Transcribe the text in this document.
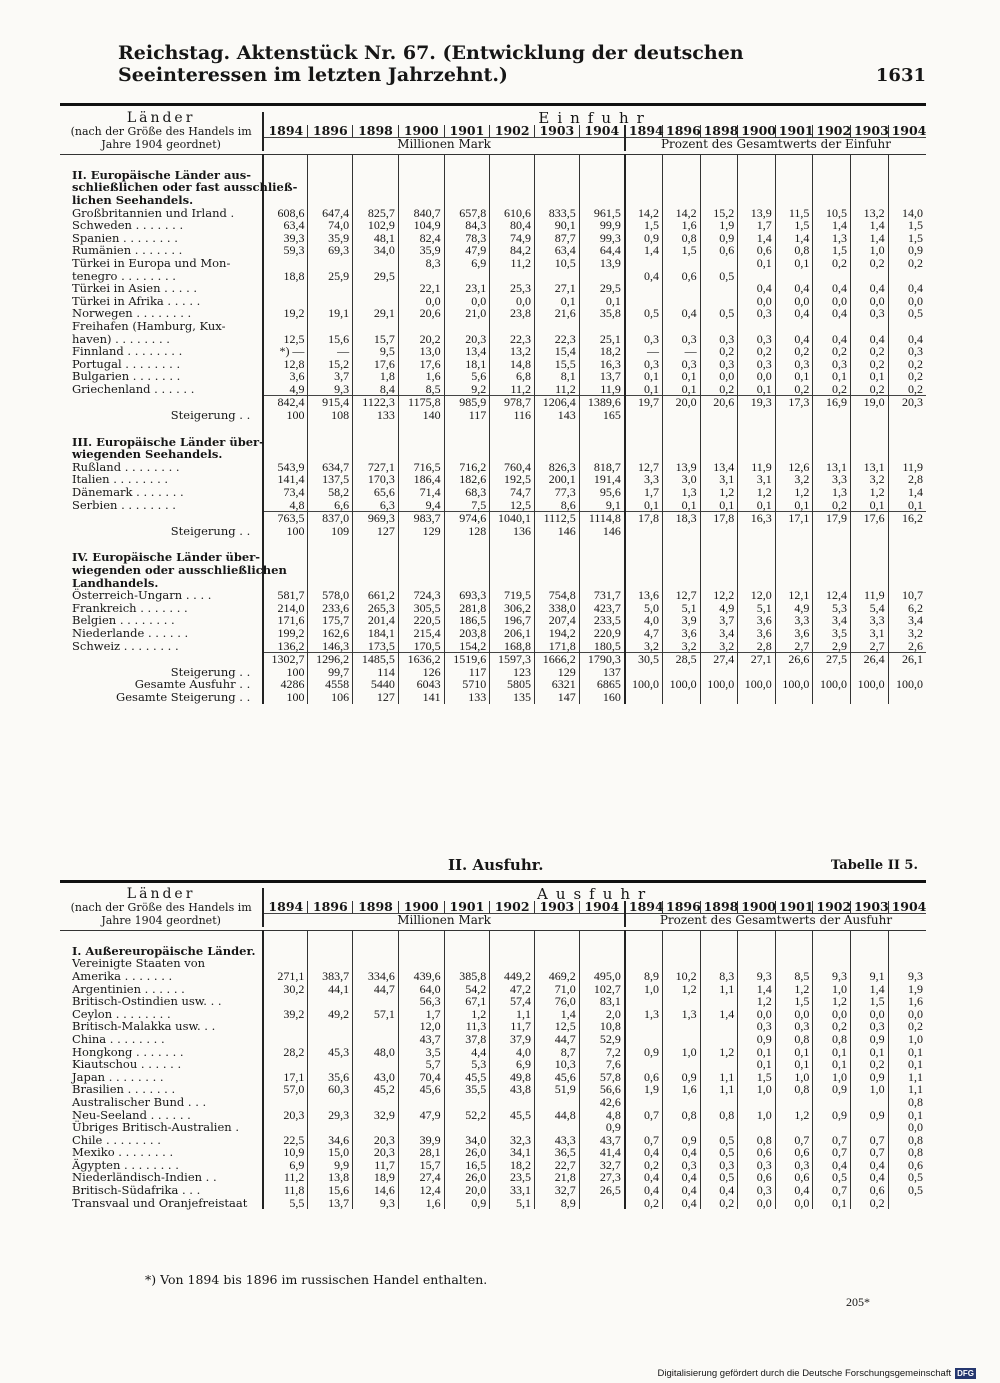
Reichstag. Aktenstück Nr. 67. (Entwicklung der deutschen Seeinteressen im letzten Jahrzehnt.)	1631
Länder	Einfuhr															
(nach der Größe des Handels im Jahre 1904 geordnet)	1894	1896	1898	1900	1901	1902	1903	1904	1894	1896	1898	1900	1901	1902	1903	1904
	Millionen Mark								Prozent des Gesamtwerts der Einfuhr							

II. Europäische Länder aus-																
schließlichen oder fast ausschließ-																
lichen Seehandels.																
Großbritannien und Irland .	608,6	647,4	825,7	840,7	657,8	610,6	833,5	961,5	14,2	14,2	15,2	13,9	11,5	10,5	13,2	14,0
Schweden . . . . . . .	63,4	74,0	102,9	104,9	84,3	80,4	90,1	99,9	1,5	1,6	1,9	1,7	1,5	1,4	1,4	1,5
Spanien . . . . . . . .	39,3	35,9	48,1	82,4	78,3	74,9	87,7	99,3	0,9	0,8	0,9	1,4	1,4	1,3	1,4	1,5
Rumänien . . . . . . .	59,3	69,3	34,0	35,9	47,9	84,2	63,4	64,4	1,4	1,5	0,6	0,6	0,8	1,5	1,0	0,9
Türkei in Europa und Mon-				8,3	6,9	11,2	10,5	13,9				0,1	0,1	0,2	0,2	0,2
tenegro . . . . . . . .	18,8	25,9	29,5						0,4	0,6	0,5					
Türkei in Asien . . . . .				22,1	23,1	25,3	27,1	29,5				0,4	0,4	0,4	0,4	0,4
Türkei in Afrika . . . . .				0,0	0,0	0,0	0,1	0,1				0,0	0,0	0,0	0,0	0,0
Norwegen . . . . . . . .	19,2	19,1	29,1	20,6	21,0	23,8	21,6	35,8	0,5	0,4	0,5	0,3	0,4	0,4	0,3	0,5
Freihafen (Hamburg, Kux-																
haven) . . . . . . . .	12,5	15,6	15,7	20,2	20,3	22,3	22,3	25,1	0,3	0,3	0,3	0,3	0,4	0,4	0,4	0,4
Finnland . . . . . . . .	*) —	—	9,5	13,0	13,4	13,2	15,4	18,2	—	—	0,2	0,2	0,2	0,2	0,2	0,3
Portugal . . . . . . . .	12,8	15,2	17,6	17,6	18,1	14,8	15,5	16,3	0,3	0,3	0,3	0,3	0,3	0,3	0,2	0,2
Bulgarien . . . . . . .	3,6	3,7	1,8	1,6	5,6	6,8	8,1	13,7	0,1	0,1	0,0	0,0	0,1	0,1	0,1	0,2
Griechenland . . . . . .	4,9	9,3	8,4	8,5	9,2	11,2	11,2	11,9	0,1	0,1	0,2	0,1	0,2	0,2	0,2	0,2
	842,4	915,4	1122,3	1175,8	985,9	978,7	1206,4	1389,6	19,7	20,0	20,6	19,3	17,3	16,9	19,0	20,3
Steigerung . .	100	108	133	140	117	116	143	165								

III. Europäische Länder über-																
wiegenden Seehandels.																
Rußland . . . . . . . .	543,9	634,7	727,1	716,5	716,2	760,4	826,3	818,7	12,7	13,9	13,4	11,9	12,6	13,1	13,1	11,9
Italien . . . . . . . .	141,4	137,5	170,3	186,4	182,6	192,5	200,1	191,4	3,3	3,0	3,1	3,1	3,2	3,3	3,2	2,8
Dänemark . . . . . . .	73,4	58,2	65,6	71,4	68,3	74,7	77,3	95,6	1,7	1,3	1,2	1,2	1,2	1,3	1,2	1,4
Serbien . . . . . . . .	4,8	6,6	6,3	9,4	7,5	12,5	8,6	9,1	0,1	0,1	0,1	0,1	0,1	0,2	0,1	0,1
	763,5	837,0	969,3	983,7	974,6	1040,1	1112,5	1114,8	17,8	18,3	17,8	16,3	17,1	17,9	17,6	16,2
Steigerung . .	100	109	127	129	128	136	146	146								

IV. Europäische Länder über-																
wiegenden oder ausschließlichen																
Landhandels.																
Österreich-Ungarn . . . .	581,7	578,0	661,2	724,3	693,3	719,5	754,8	731,7	13,6	12,7	12,2	12,0	12,1	12,4	11,9	10,7
Frankreich . . . . . . .	214,0	233,6	265,3	305,5	281,8	306,2	338,0	423,7	5,0	5,1	4,9	5,1	4,9	5,3	5,4	6,2
Belgien . . . . . . . .	171,6	175,7	201,4	220,5	186,5	196,7	207,4	233,5	4,0	3,9	3,7	3,6	3,3	3,4	3,3	3,4
Niederlande . . . . . .	199,2	162,6	184,1	215,4	203,8	206,1	194,2	220,9	4,7	3,6	3,4	3,6	3,6	3,5	3,1	3,2
Schweiz . . . . . . . .	136,2	146,3	173,5	170,5	154,2	168,8	171,8	180,5	3,2	3,2	3,2	2,8	2,7	2,9	2,7	2,6
	1302,7	1296,2	1485,5	1636,2	1519,6	1597,3	1666,2	1790,3	30,5	28,5	27,4	27,1	26,6	27,5	26,4	26,1
Steigerung . .	100	99,7	114	126	117	123	129	137								
Gesamte Ausfuhr . .	4286	4558	5440	6043	5710	5805	6321	6865	100,0	100,0	100,0	100,0	100,0	100,0	100,0	100,0
Gesamte Steigerung . .	100	106	127	141	133	135	147	160								
II. Ausfuhr.	Tabelle II 5.
Länder	Ausfuhr															
(nach der Größe des Handels im Jahre 1904 geordnet)	1894	1896	1898	1900	1901	1902	1903	1904	1894	1896	1898	1900	1901	1902	1903	1904
	Millionen Mark								Prozent des Gesamtwerts der Ausfuhr							

I. Außereuropäische Länder.																
Vereinigte Staaten von																
Amerika . . . . . . .	271,1	383,7	334,6	439,6	385,8	449,2	469,2	495,0	8,9	10,2	8,3	9,3	8,5	9,3	9,1	9,3
Argentinien . . . . . .	30,2	44,1	44,7	64,0	54,2	47,2	71,0	102,7	1,0	1,2	1,1	1,4	1,2	1,0	1,4	1,9
Britisch-Ostindien usw. . .				56,3	67,1	57,4	76,0	83,1				1,2	1,5	1,2	1,5	1,6
Ceylon . . . . . . . .	39,2	49,2	57,1	1,7	1,2	1,1	1,4	2,0	1,3	1,3	1,4	0,0	0,0	0,0	0,0	0,0
Britisch-Malakka usw. . .				12,0	11,3	11,7	12,5	10,8				0,3	0,3	0,2	0,3	0,2
China . . . . . . . .				43,7	37,8	37,9	44,7	52,9				0,9	0,8	0,8	0,9	1,0
Hongkong . . . . . . .	28,2	45,3	48,0	3,5	4,4	4,0	8,7	7,2	0,9	1,0	1,2	0,1	0,1	0,1	0,1	0,1
Kiautschou . . . . . .				5,7	5,3	6,9	10,3	7,6				0,1	0,1	0,1	0,2	0,1
Japan . . . . . . . .	17,1	35,6	43,0	70,4	45,5	49,8	45,6	57,8	0,6	0,9	1,1	1,5	1,0	1,0	0,9	1,1
Brasilien . . . . . . .	57,0	60,3	45,2	45,6	35,5	43,8	51,9	56,6	1,9	1,6	1,1	1,0	0,8	0,9	1,0	1,1
Australischer Bund . . .								42,6								0,8
Neu-Seeland . . . . . .	20,3	29,3	32,9	47,9	52,2	45,5	44,8	4,8	0,7	0,8	0,8	1,0	1,2	0,9	0,9	0,1
Übriges Britisch-Australien .								0,9								0,0
Chile . . . . . . . .	22,5	34,6	20,3	39,9	34,0	32,3	43,3	43,7	0,7	0,9	0,5	0,8	0,7	0,7	0,7	0,8
Mexiko . . . . . . . .	10,9	15,0	20,3	28,1	26,0	34,1	36,5	41,4	0,4	0,4	0,5	0,6	0,6	0,7	0,7	0,8
Ägypten . . . . . . . .	6,9	9,9	11,7	15,7	16,5	18,2	22,7	32,7	0,2	0,3	0,3	0,3	0,3	0,4	0,4	0,6
Niederländisch-Indien . .	11,2	13,8	18,9	27,4	26,0	23,5	21,8	27,3	0,4	0,4	0,5	0,6	0,6	0,5	0,4	0,5
Britisch-Südafrika . . .	11,8	15,6	14,6	12,4	20,0	33,1	32,7	26,5	0,4	0,4	0,4	0,3	0,4	0,7	0,6	0,5
Transvaal und Oranjefreistaat	5,5	13,7	9,3	1,6	0,9	5,1	8,9		0,2	0,4	0,2	0,0	0,0	0,1	0,2	
*) Von 1894 bis 1896 im russischen Handel enthalten.
205*
Digitalisierung gefördert durch die Deutsche Forschungsgemeinschaft DFG
